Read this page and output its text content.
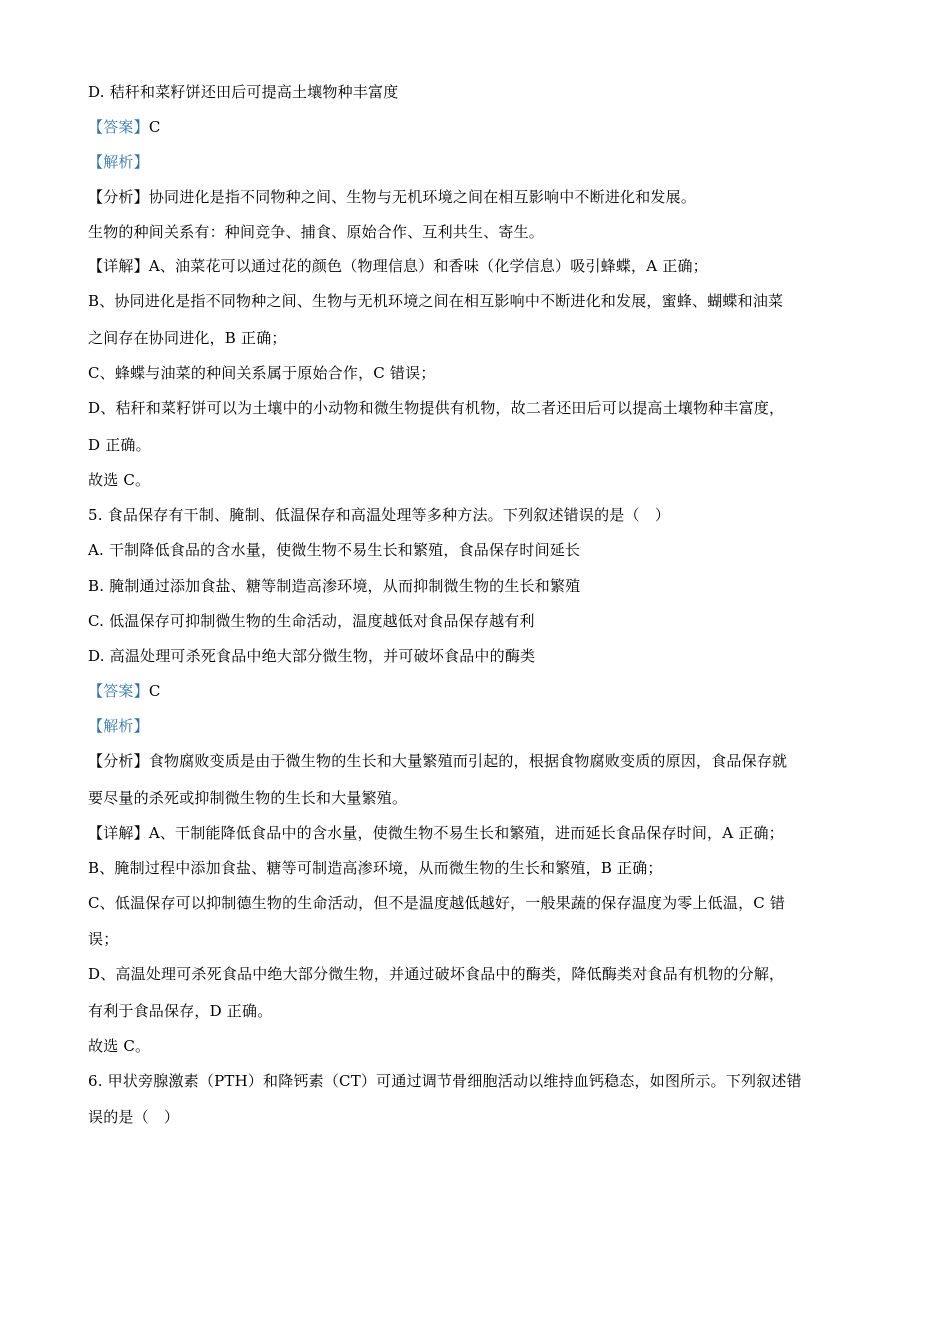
D. 秸秆和菜籽饼还田后可提高土壤物种丰富度
【答案】C
【解析】
【分析】协同进化是指不同物种之间、生物与无机环境之间在相互影响中不断进化和发展。
生物的种间关系有：种间竞争、捕食、原始合作、互利共生、寄生。
【详解】A、油菜花可以通过花的颜色（物理信息）和香味（化学信息）吸引蜂蝶，A 正确；
B、协同进化是指不同物种之间、生物与无机环境之间在相互影响中不断进化和发展，蜜蜂、蝴蝶和油菜
之间存在协同进化，B 正确；
C、蜂蝶与油菜的种间关系属于原始合作，C 错误；
D、秸秆和菜籽饼可以为土壤中的小动物和微生物提供有机物，故二者还田后可以提高土壤物种丰富度，
D 正确。
故选 C。
5. 食品保存有干制、腌制、低温保存和高温处理等多种方法。下列叙述错误的是（　）
A. 干制降低食品的含水量，使微生物不易生长和繁殖，食品保存时间延长
B. 腌制通过添加食盐、糖等制造高渗环境，从而抑制微生物的生长和繁殖
C. 低温保存可抑制微生物的生命活动，温度越低对食品保存越有利
D. 高温处理可杀死食品中绝大部分微生物，并可破坏食品中的酶类
【答案】C
【解析】
【分析】食物腐败变质是由于微生物的生长和大量繁殖而引起的，根据食物腐败变质的原因，食品保存就
要尽量的杀死或抑制微生物的生长和大量繁殖。
【详解】A、干制能降低食品中的含水量，使微生物不易生长和繁殖，进而延长食品保存时间，A 正确；
B、腌制过程中添加食盐、糖等可制造高渗环境，从而微生物的生长和繁殖，B 正确；
C、低温保存可以抑制德生物的生命活动，但不是温度越低越好，一般果蔬的保存温度为零上低温，C 错
误；
D、高温处理可杀死食品中绝大部分微生物，并通过破坏食品中的酶类，降低酶类对食品有机物的分解，
有利于食品保存，D 正确。
故选 C。
6. 甲状旁腺激素（PTH）和降钙素（CT）可通过调节骨细胞活动以维持血钙稳态，如图所示。下列叙述错
误的是（　）
